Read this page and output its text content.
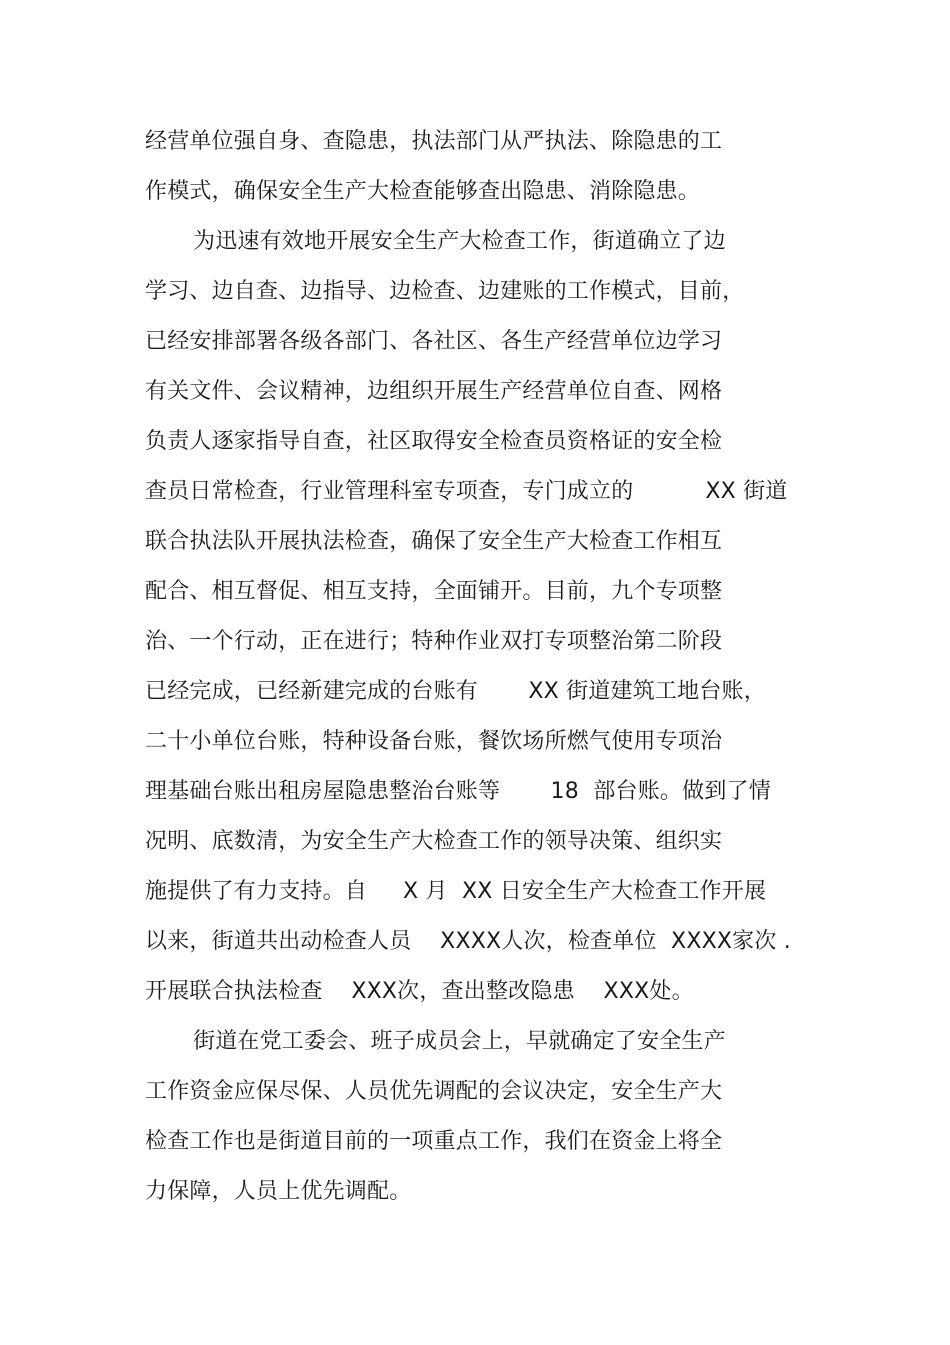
经营单位强自身、查隐患，执法部门从严执法、除隐患的工
作模式，确保安全生产大检查能够查出隐患、消除隐患。
为迅速有效地开展安全生产大检查工作，街道确立了边
学习、边自查、边指导、边检查、边建账的工作模式，目前，
已经安排部署各级各部门、各社区、各生产经营单位边学习
有关文件、会议精神，边组织开展生产经营单位自查、网格
负责人逐家指导自查，社区取得安全检查员资格证的安全检
查员日常检查，行业管理科室专项查，专门成立的          XX 街道
联合执法队开展执法检查，确保了安全生产大检查工作相互
配合、相互督促、相互支持，全面铺开。目前，九个专项整
治、一个行动，正在进行；特种作业双打专项整治第二阶段
已经完成，已经新建完成的台账有       XX 街道建筑工地台账，
二十小单位台账，特种设备台账，餐饮场所燃气使用专项治
理基础台账出租房屋隐患整治台账等       18  部台账。做到了情
况明、底数清，为安全生产大检查工作的领导决策、组织实
施提供了有力支持。自     X 月  XX 日安全生产大检查工作开展
以来，街道共出动检查人员    XXXX人次，检查单位  XXXX家次 .
开展联合执法检查    XXX次，查出整改隐患    XXX处。
街道在党工委会、班子成员会上，早就确定了安全生产
工作资金应保尽保、人员优先调配的会议决定，安全生产大
检查工作也是街道目前的一项重点工作，我们在资金上将全
力保障，人员上优先调配。
